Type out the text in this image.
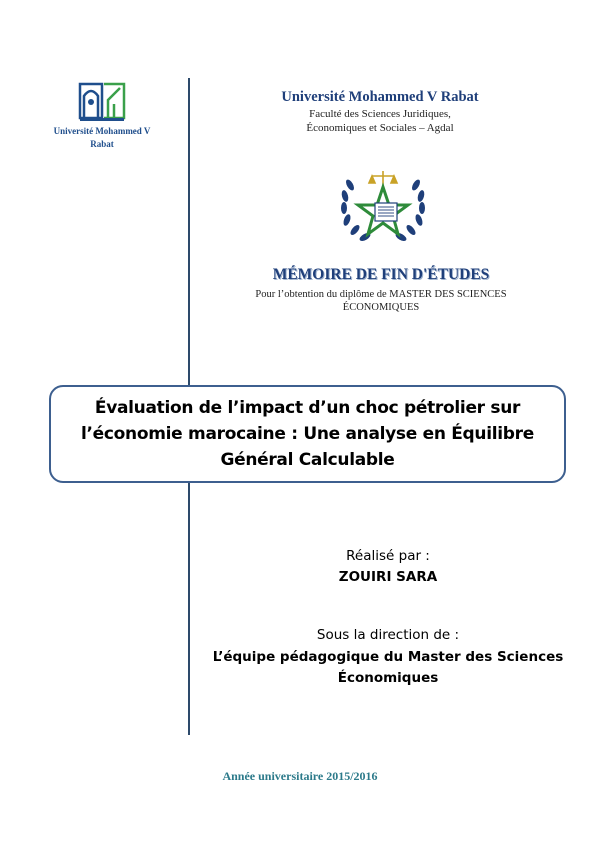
Université Mohammed V Rabat
Université Mohammed V Rabat
Faculté des Sciences Juridiques,
Économiques et Sociales – Agdal
MÉMOIRE DE FIN D'ÉTUDES
Pour l’obtention du diplôme de MASTER DES SCIENCES
ÉCONOMIQUES
Évaluation de l’impact d’un choc pétrolier sur
l’économie marocaine : Une analyse en Équilibre
Général Calculable
Réalisé par :
ZOUIRI SARA
Sous la direction de :
L’équipe pédagogique du Master des Sciences
Économiques
Année universitaire 2015/2016
